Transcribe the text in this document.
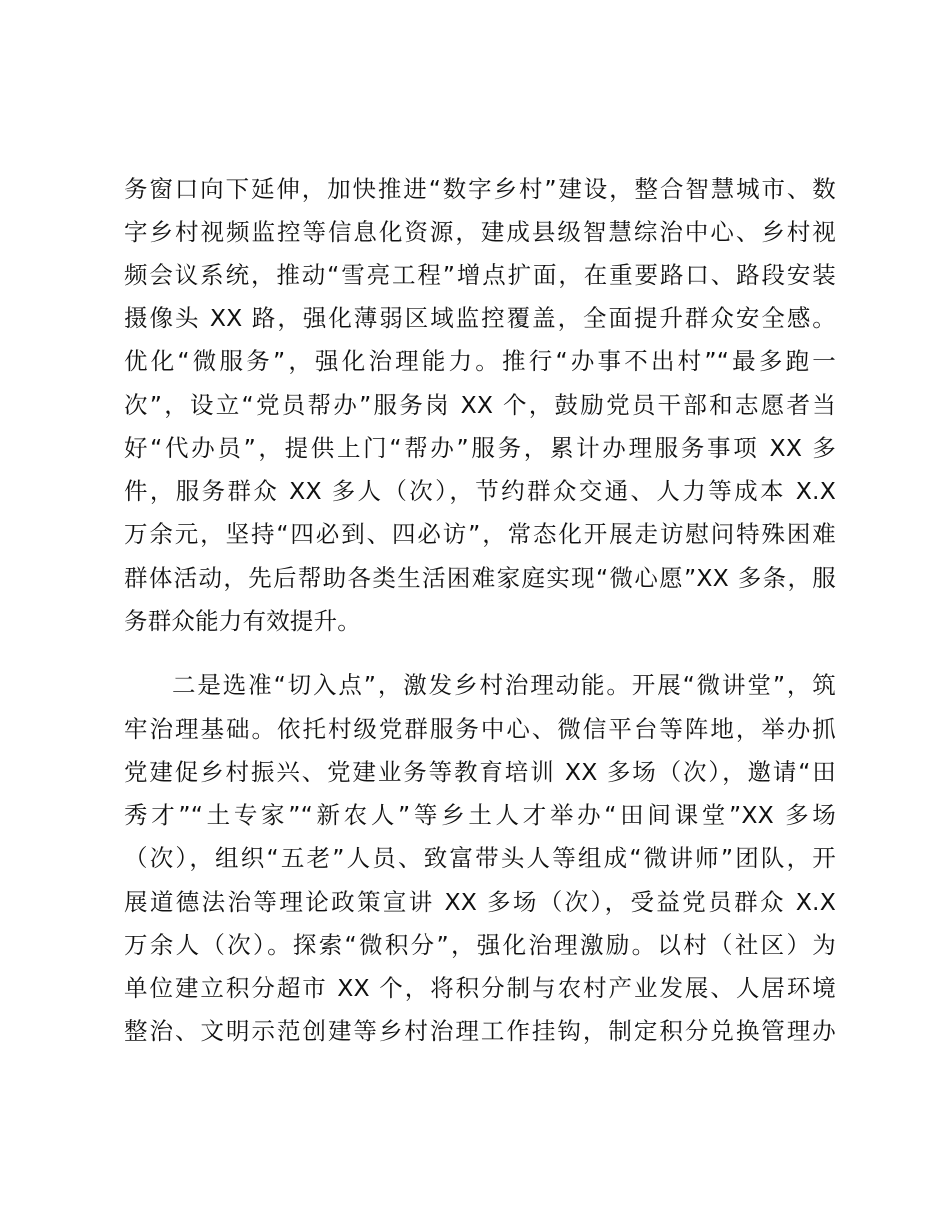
务窗口向下延伸，加快推进“数字乡村”建设，整合智慧城市、数
字乡村视频监控等信息化资源，建成县级智慧综治中心、乡村视
频会议系统，推动“雪亮工程”增点扩面，在重要路口、路段安装
摄像头 XX 路，强化薄弱区域监控覆盖，全面提升群众安全感。
优化“微服务”，强化治理能力。推行“办事不出村”“最多跑一
次”，设立“党员帮办”服务岗 XX 个，鼓励党员干部和志愿者当
好“代办员”，提供上门“帮办”服务，累计办理服务事项 XX 多
件，服务群众 XX 多人（次），节约群众交通、人力等成本 X.X
万余元，坚持“四必到、四必访”，常态化开展走访慰问特殊困难
群体活动，先后帮助各类生活困难家庭实现“微心愿”XX 多条，服
务群众能力有效提升。
二是选准“切入点”，激发乡村治理动能。开展“微讲堂”，筑
牢治理基础。依托村级党群服务中心、微信平台等阵地，举办抓
党建促乡村振兴、党建业务等教育培训 XX 多场（次），邀请“田
秀才”“土专家”“新农人”等乡土人才举办“田间课堂”XX 多场
（次），组织“五老”人员、致富带头人等组成“微讲师”团队，开
展道德法治等理论政策宣讲 XX 多场（次），受益党员群众 X.X
万余人（次）。探索“微积分”，强化治理激励。以村（社区）为
单位建立积分超市 XX 个，将积分制与农村产业发展、人居环境
整治、文明示范创建等乡村治理工作挂钩，制定积分兑换管理办
